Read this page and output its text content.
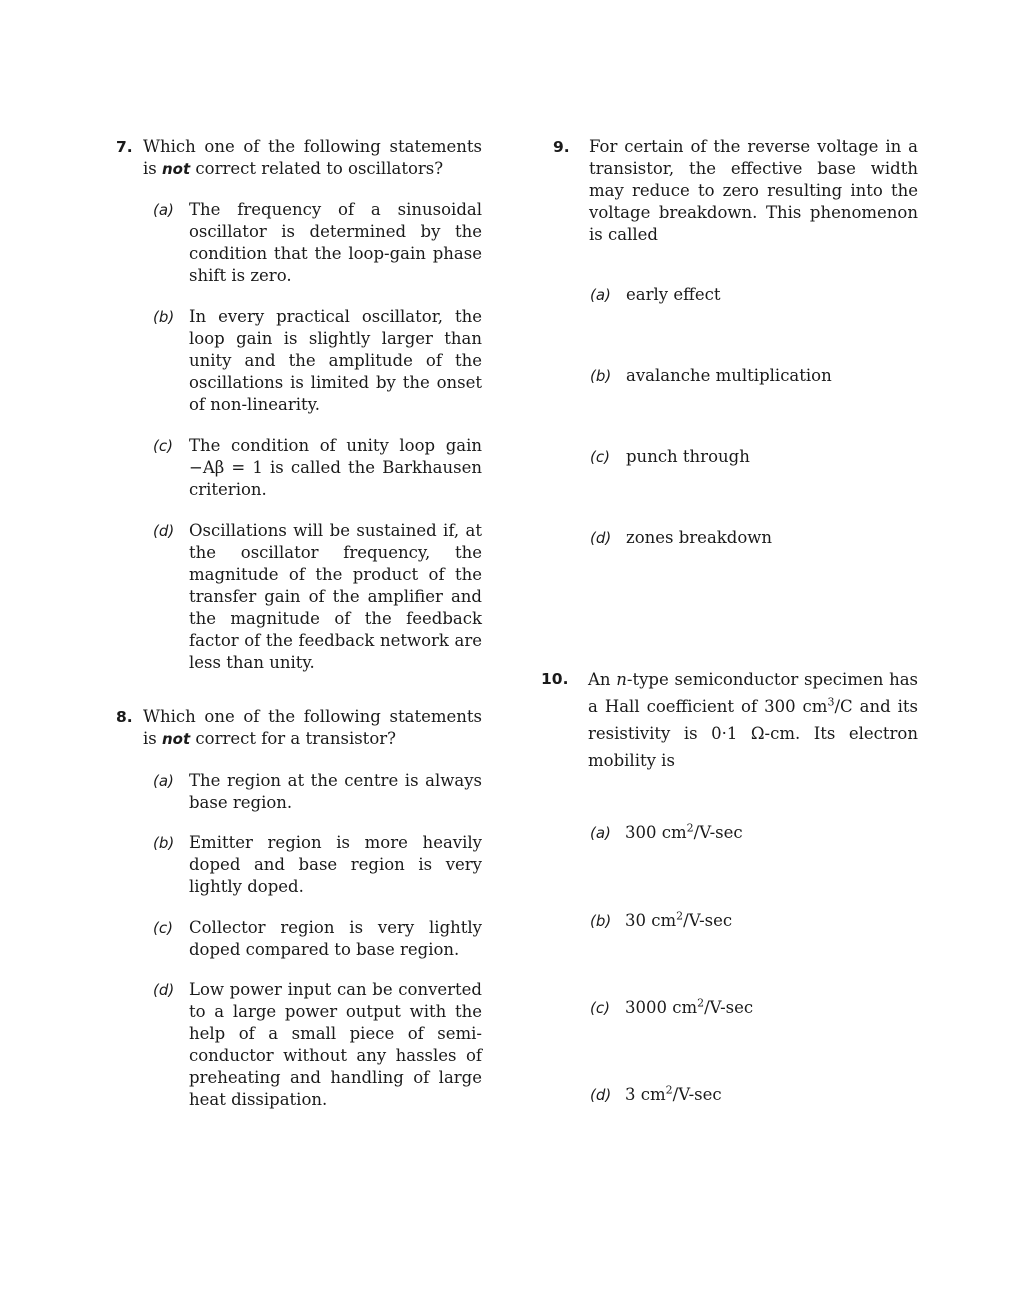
7. Which one of the following statements is not correct related to oscillators?
(a) The frequency of a sinusoidal oscillator is determined by the condition that the loop-gain phase shift is zero.
(b) In every practical oscillator, the loop gain is slightly larger than unity and the amplitude of the oscillations is limited by the onset of non-linearity.
(c) The condition of unity loop gain −Aβ = 1 is called the Barkhausen criterion.
(d) Oscillations will be sustained if, at the oscillator frequency, the magnitude of the product of the transfer gain of the amplifier and the magnitude of the feedback factor of the feedback network are less than unity.
8. Which one of the following statements is not correct for a transistor?
(a) The region at the centre is always base region.
(b) Emitter region is more heavily doped and base region is very lightly doped.
(c) Collector region is very lightly doped compared to base region.
(d) Low power input can be converted to a large power output with the help of a small piece of semi-conductor without any hassles of preheating and handling of large heat dissipation.
9. For certain of the reverse voltage in a transistor, the effective base width may reduce to zero resulting into the voltage breakdown. This phenomenon is called
(a) early effect
(b) avalanche multiplication
(c) punch through
(d) zones breakdown
10. An n-type semiconductor specimen has a Hall coefficient of 300 $cm^3/C$ and its resistivity is 0·1 Ω-cm. Its electron mobility is
(a) 300 $cm^2/V-\sec$
(b) 30 $cm^2/V-\sec$
(c) 3000 $cm^2/V-\sec$
(d) 3 $cm^2/V-\sec$
